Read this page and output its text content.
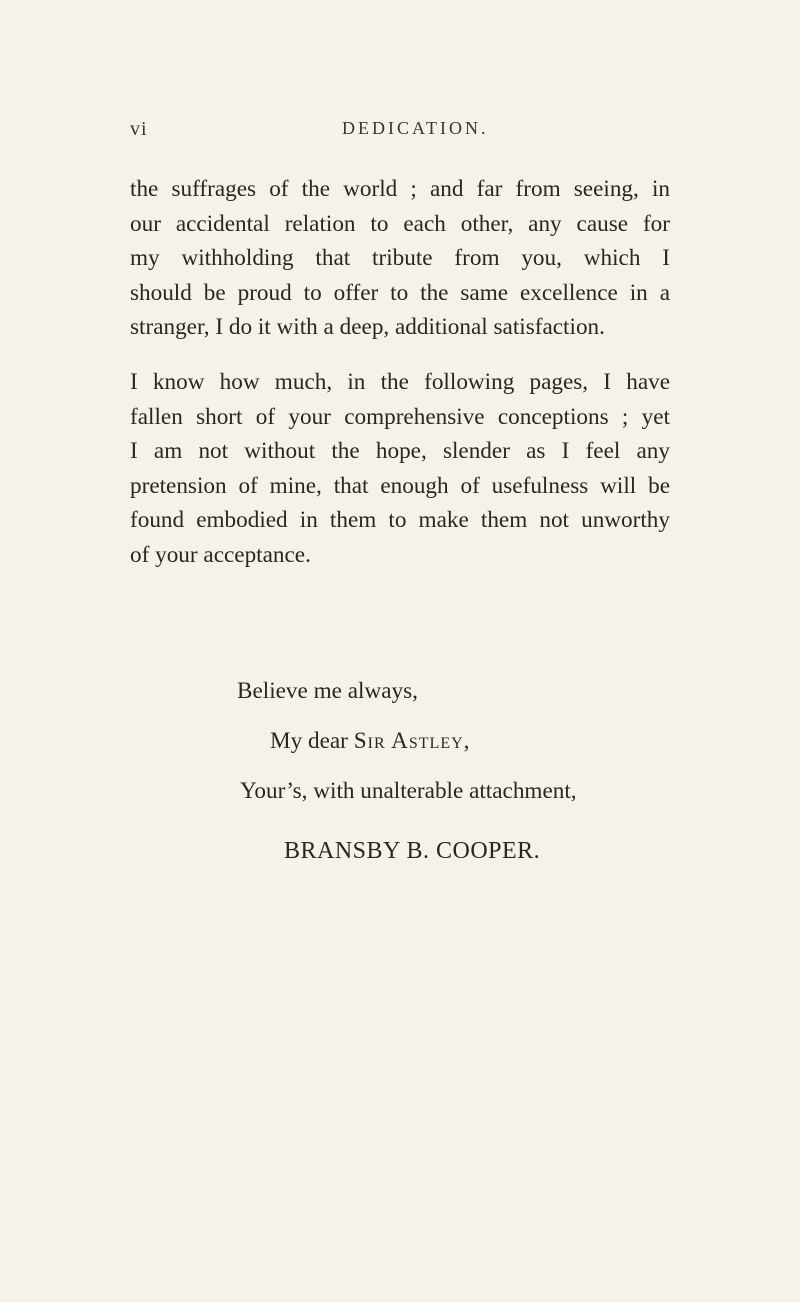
vi	DEDICATION.
the suffrages of the world ; and far from seeing, in
our accidental relation to each other, any cause for
my withholding that tribute from you, which I
should be proud to offer to the same excellence in a
stranger, I do it with a deep, additional satisfaction.
I know how much, in the following pages, I have
fallen short of your comprehensive conceptions ; yet
I am not without the hope, slender as I feel any
pretension of mine, that enough of usefulness will be
found embodied in them to make them not unworthy
of your acceptance.
Believe me always,
My dear Sir Astley,
Your’s, with unalterable attachment,
BRANSBY B. COOPER.
